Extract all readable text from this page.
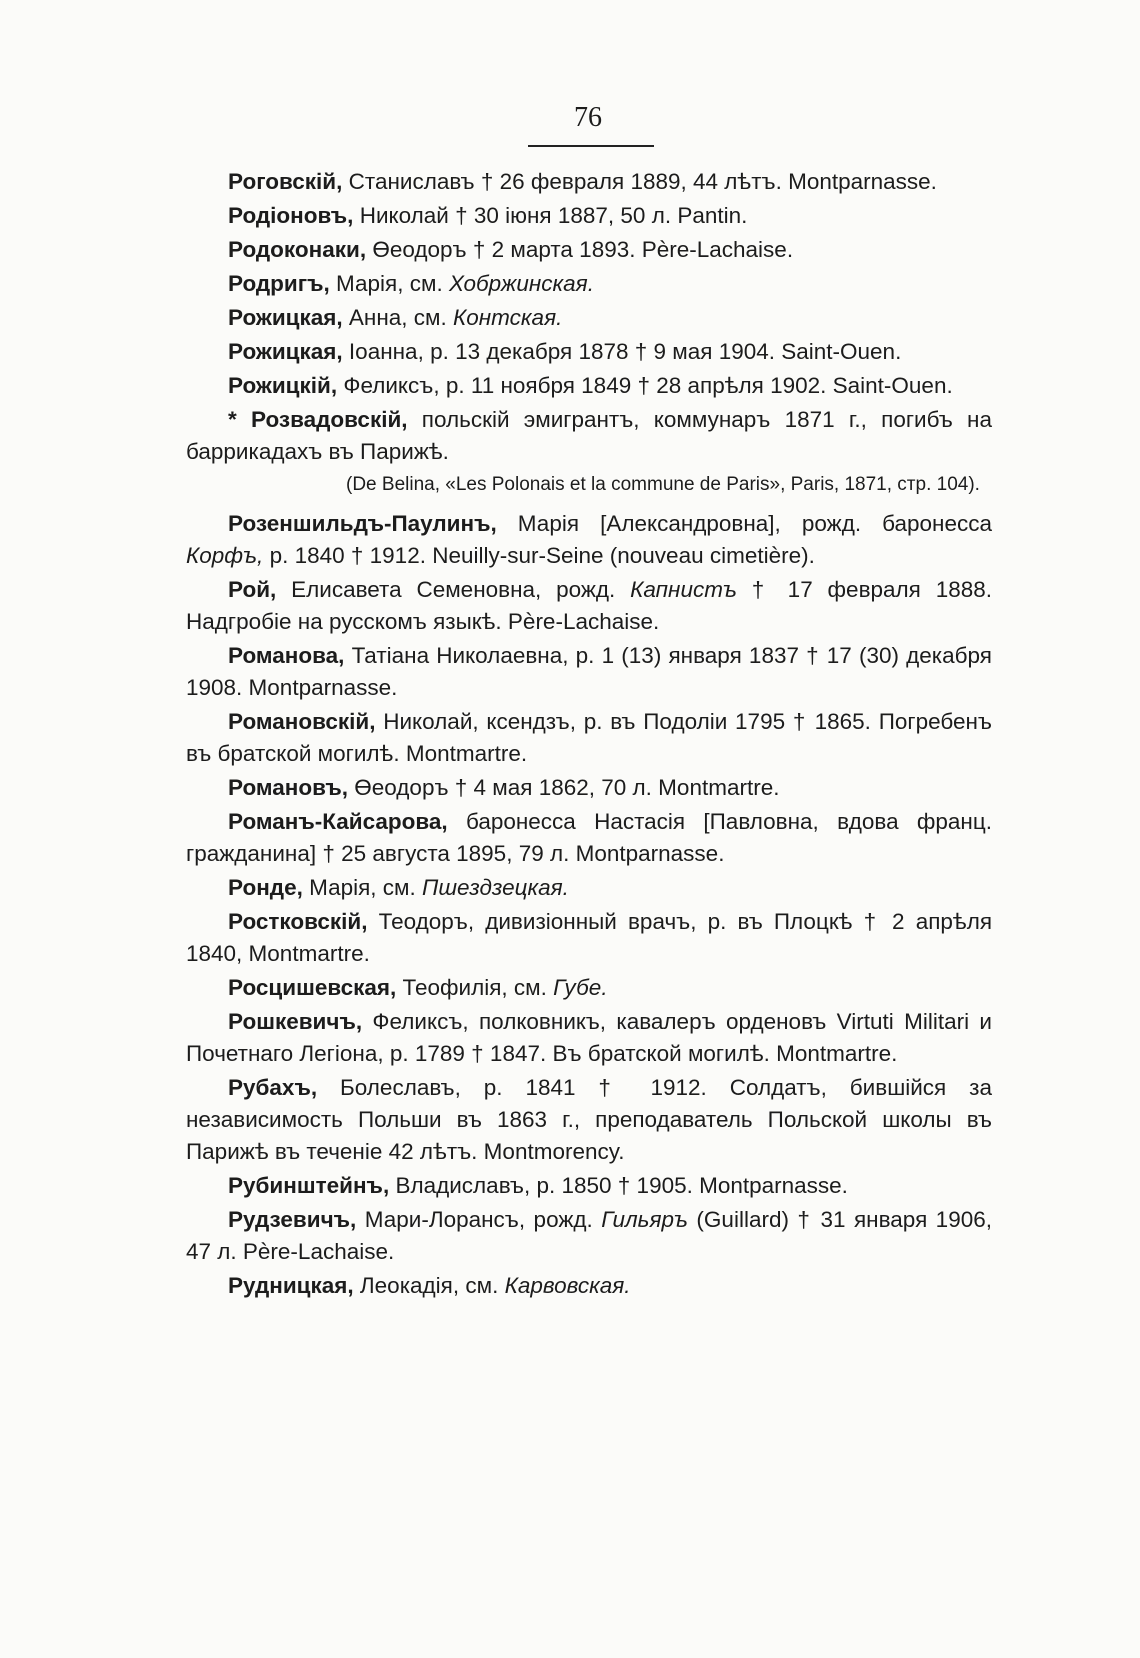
76

Роговскій, Станиславъ † 26 февраля 1889, 44 лѣтъ. Montparnasse.

Родіоновъ, Николай † 30 іюня 1887, 50 л. Pantin.

Родоконаки, Өеодоръ † 2 марта 1893. Père-Lachaise.

Родригъ, Марія, см. Хобржинская.

Рожицкая, Анна, см. Контская.

Рожицкая, Іоанна, р. 13 декабря 1878 † 9 мая 1904. Saint-Ouen.

Рожицкій, Феликсъ, р. 11 ноября 1849 † 28 апрѣля 1902. Saint-Ouen.

* Розвадовскій, польскій эмигрантъ, коммунаръ 1871 г., погибъ на баррикадахъ въ Парижѣ.

(De Belina, «Les Polonais et la commune de Paris», Paris, 1871, стр. 104).

Розеншильдъ-Паулинъ, Марія [Александровна], рожд. баронесса Корфъ, р. 1840 † 1912. Neuilly-sur-Seine (nouveau cimetière).

Рой, Елисавета Семеновна, рожд. Капнистъ † 17 февраля 1888. Надгробіе на русскомъ языкѣ. Père-Lachaise.

Романова, Татіана Николаевна, р. 1 (13) января 1837 † 17 (30) декабря 1908. Montparnasse.

Романовскій, Николай, ксендзъ, р. въ Подоліи 1795 † 1865. Погребенъ въ братской могилѣ. Montmartre.

Романовъ, Өеодоръ † 4 мая 1862, 70 л. Montmartre.

Романъ-Кайсарова, баронесса Настасія [Павловна, вдова франц. гражданина] † 25 августа 1895, 79 л. Montparnasse.

Ронде, Марія, см. Пшездзецкая.

Ростковскій, Теодоръ, дивизіонный врачъ, р. въ Плоцкѣ † 2 апрѣля 1840, Montmartre.

Росцишевская, Теофилія, см. Губе.

Рошкевичъ, Феликсъ, полковникъ, кавалеръ орденовъ Virtuti Militari и Почетнаго Легіона, р. 1789 † 1847. Въ братской могилѣ. Montmartre.

Рубахъ, Болеславъ, р. 1841 † 1912. Солдатъ, бившійся за независимость Польши въ 1863 г., преподаватель Польской школы въ Парижѣ въ теченіе 42 лѣтъ. Montmorency.

Рубинштейнъ, Владиславъ, р. 1850 † 1905. Montparnasse.

Рудзевичъ, Мари-Лорансъ, рожд. Гильяръ (Guillard) † 31 января 1906, 47 л. Père-Lachaise.

Рудницкая, Леокадія, см. Карвовская.
